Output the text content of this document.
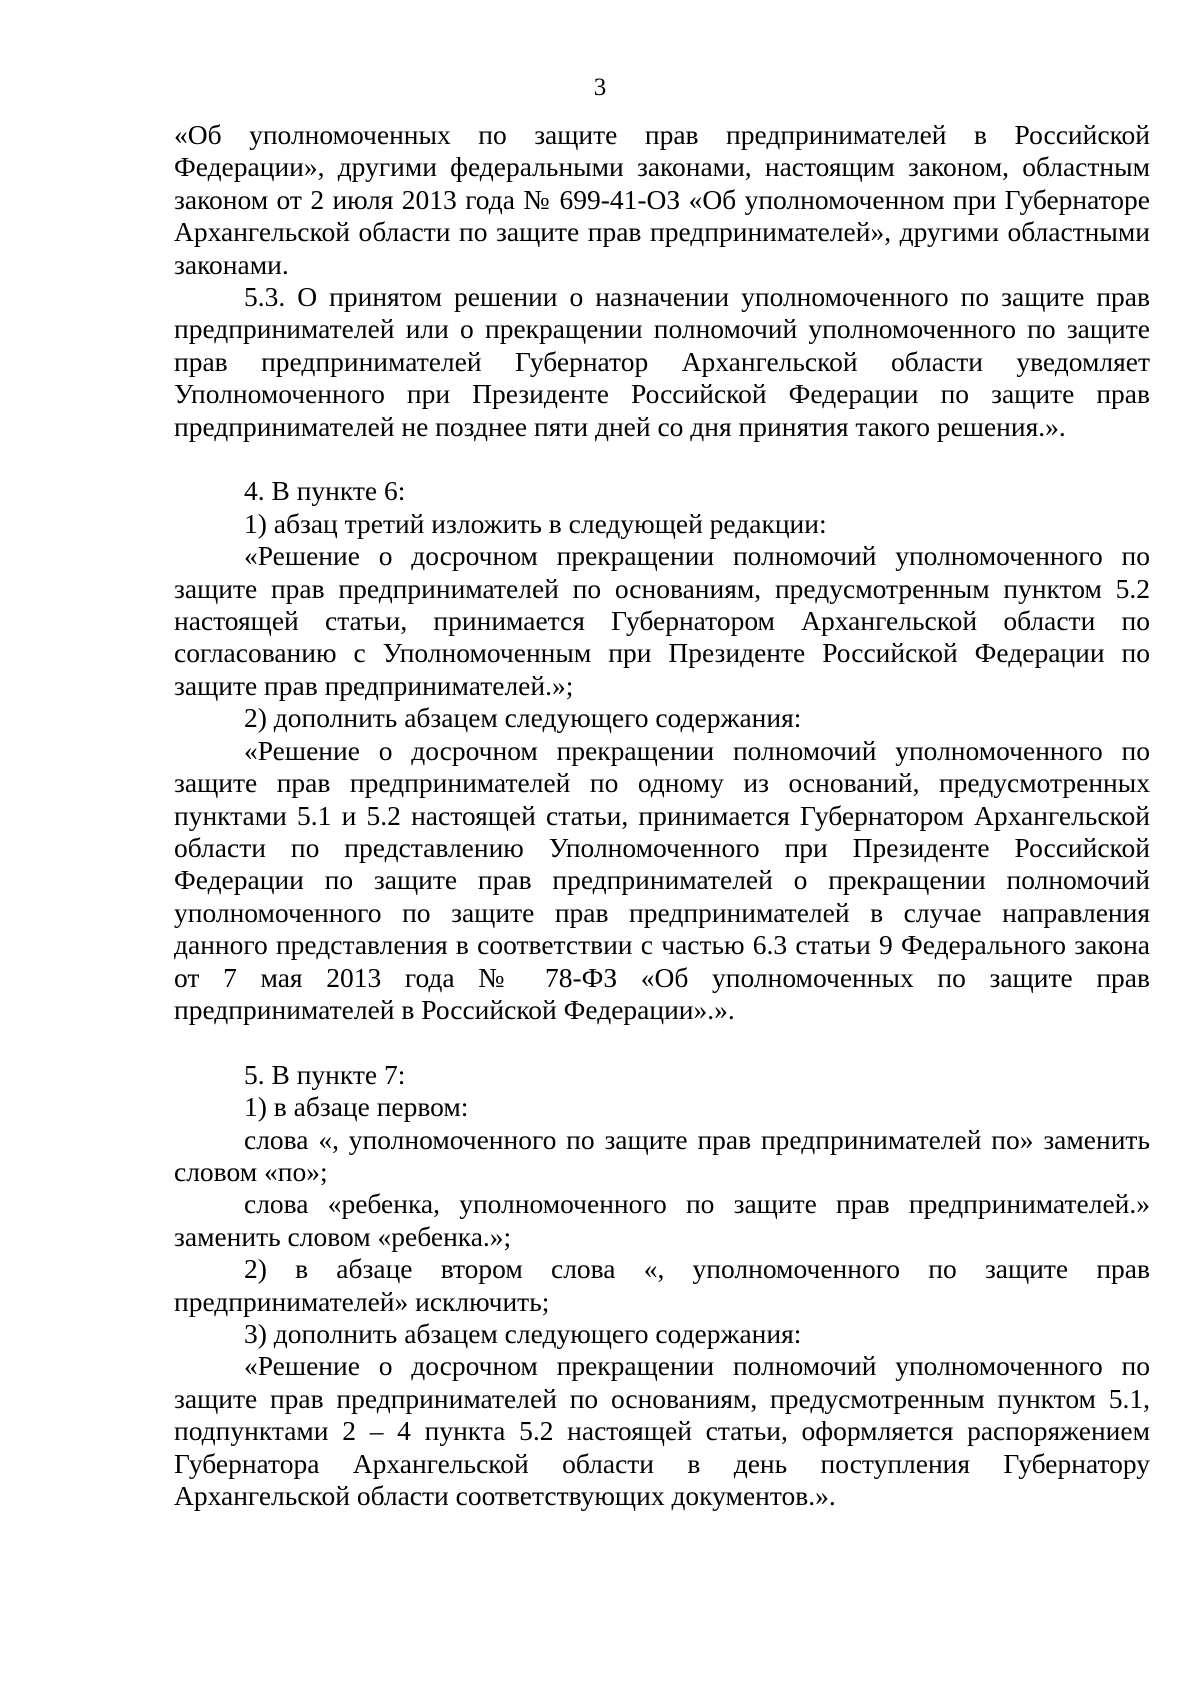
3

«Об уполномоченных по защите прав предпринимателей в Российской Федерации», другими федеральными законами, настоящим законом, областным законом от 2 июля 2013 года № 699-41-ОЗ «Об уполномоченном при Губернаторе Архангельской области по защите прав предпринимателей», другими областными законами.

5.3. О принятом решении о назначении уполномоченного по защите прав предпринимателей или о прекращении полномочий уполномоченного по защите прав предпринимателей Губернатор Архангельской области уведомляет Уполномоченного при Президенте Российской Федерации по защите прав предпринимателей не позднее пяти дней со дня принятия такого решения.».

4. В пункте 6:

1) абзац третий изложить в следующей редакции:

«Решение о досрочном прекращении полномочий уполномоченного по защите прав предпринимателей по основаниям, предусмотренным пунктом 5.2 настоящей статьи, принимается Губернатором Архангельской области по согласованию с Уполномоченным при Президенте Российской Федерации по защите прав предпринимателей.»;

2) дополнить абзацем следующего содержания:

«Решение о досрочном прекращении полномочий уполномоченного по защите прав предпринимателей по одному из оснований, предусмотренных пунктами 5.1 и 5.2 настоящей статьи, принимается Губернатором Архангельской области по представлению Уполномоченного при Президенте Российской Федерации по защите прав предпринимателей о прекращении полномочий уполномоченного по защите прав предпринимателей в случае направления данного представления в соответствии с частью 6.3 статьи 9 Федерального закона от 7 мая 2013 года № 78-ФЗ «Об уполномоченных по защите прав предпринимателей в Российской Федерации».».

5. В пункте 7:

1) в абзаце первом:

слова «, уполномоченного по защите прав предпринимателей по» заменить словом «по»;

слова «ребенка, уполномоченного по защите прав предпринимателей.» заменить словом «ребенка.»;

2) в абзаце втором слова «, уполномоченного по защите прав предпринимателей» исключить;

3) дополнить абзацем следующего содержания:

«Решение о досрочном прекращении полномочий уполномоченного по защите прав предпринимателей по основаниям, предусмотренным пунктом 5.1, подпунктами 2 – 4 пункта 5.2 настоящей статьи, оформляется распоряжением Губернатора Архангельской области в день поступления Губернатору Архангельской области соответствующих документов.».
